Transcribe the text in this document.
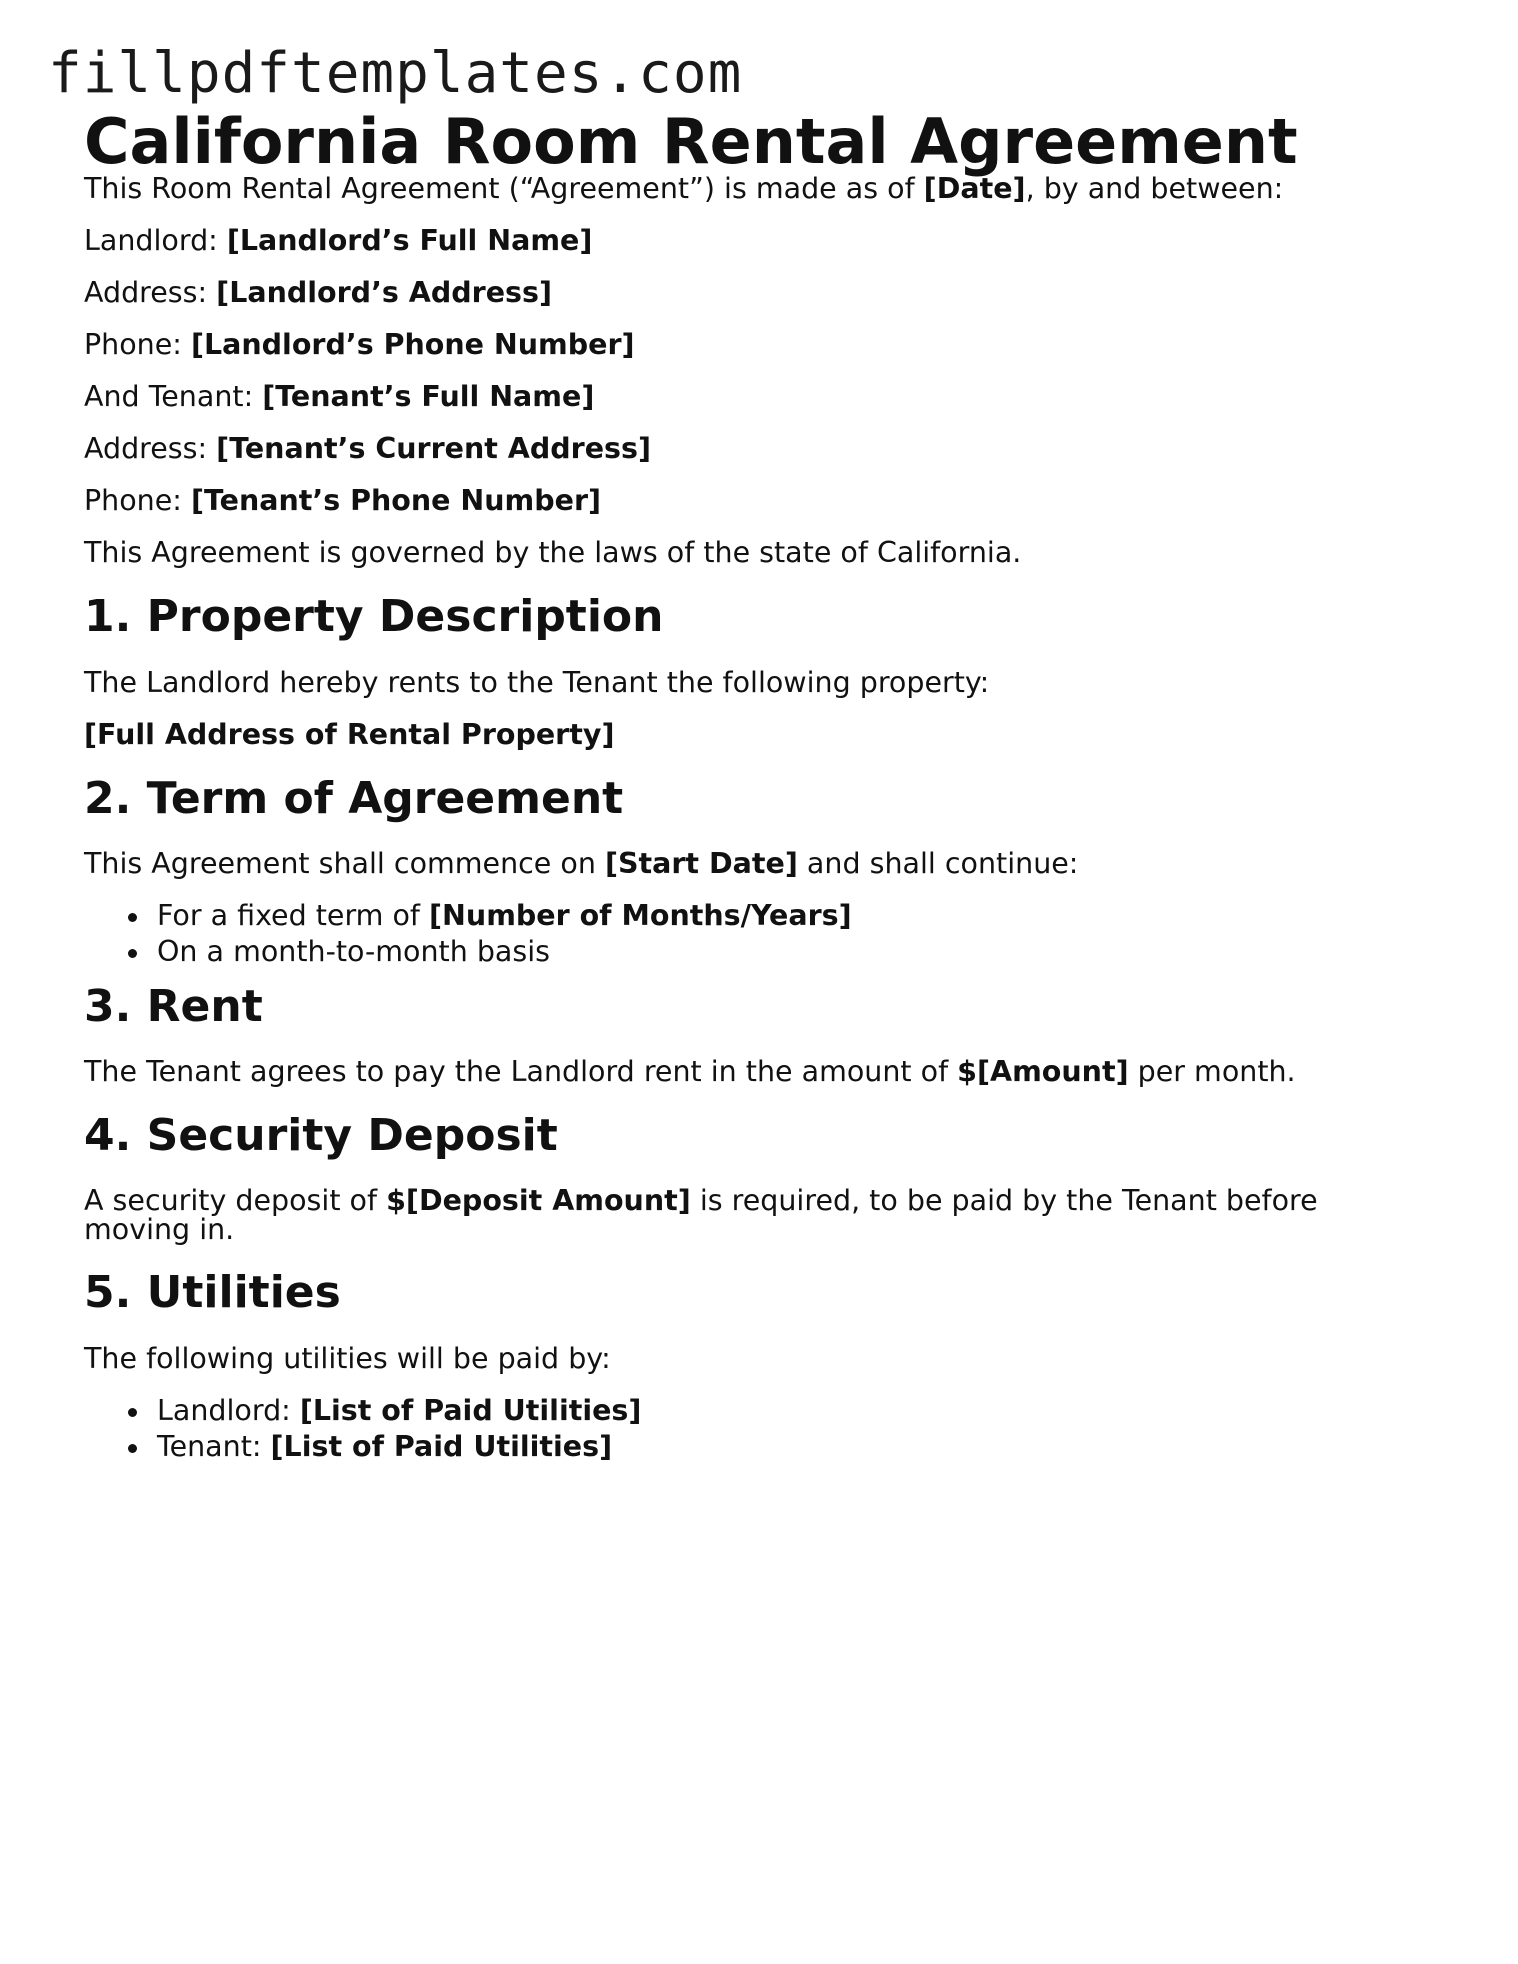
fillpdftemplates.com
California Room Rental Agreement

This Room Rental Agreement (“Agreement”) is made as of [Date], by and between:

Landlord: [Landlord’s Full Name]

Address: [Landlord’s Address]

Phone: [Landlord’s Phone Number]

And Tenant: [Tenant’s Full Name]

Address: [Tenant’s Current Address]

Phone: [Tenant’s Phone Number]

This Agreement is governed by the laws of the state of California.

1. Property Description

The Landlord hereby rents to the Tenant the following property:

[Full Address of Rental Property]

2. Term of Agreement

This Agreement shall commence on [Start Date] and shall continue:

For a fixed term of [Number of Months/Years]
On a month-to-month basis
3. Rent

The Tenant agrees to pay the Landlord rent in the amount of $[Amount] per month.

4. Security Deposit

A security deposit of $[Deposit Amount] is required, to be paid by the Tenant before

moving in.

5. Utilities

The following utilities will be paid by:

Landlord: [List of Paid Utilities]
Tenant: [List of Paid Utilities]
